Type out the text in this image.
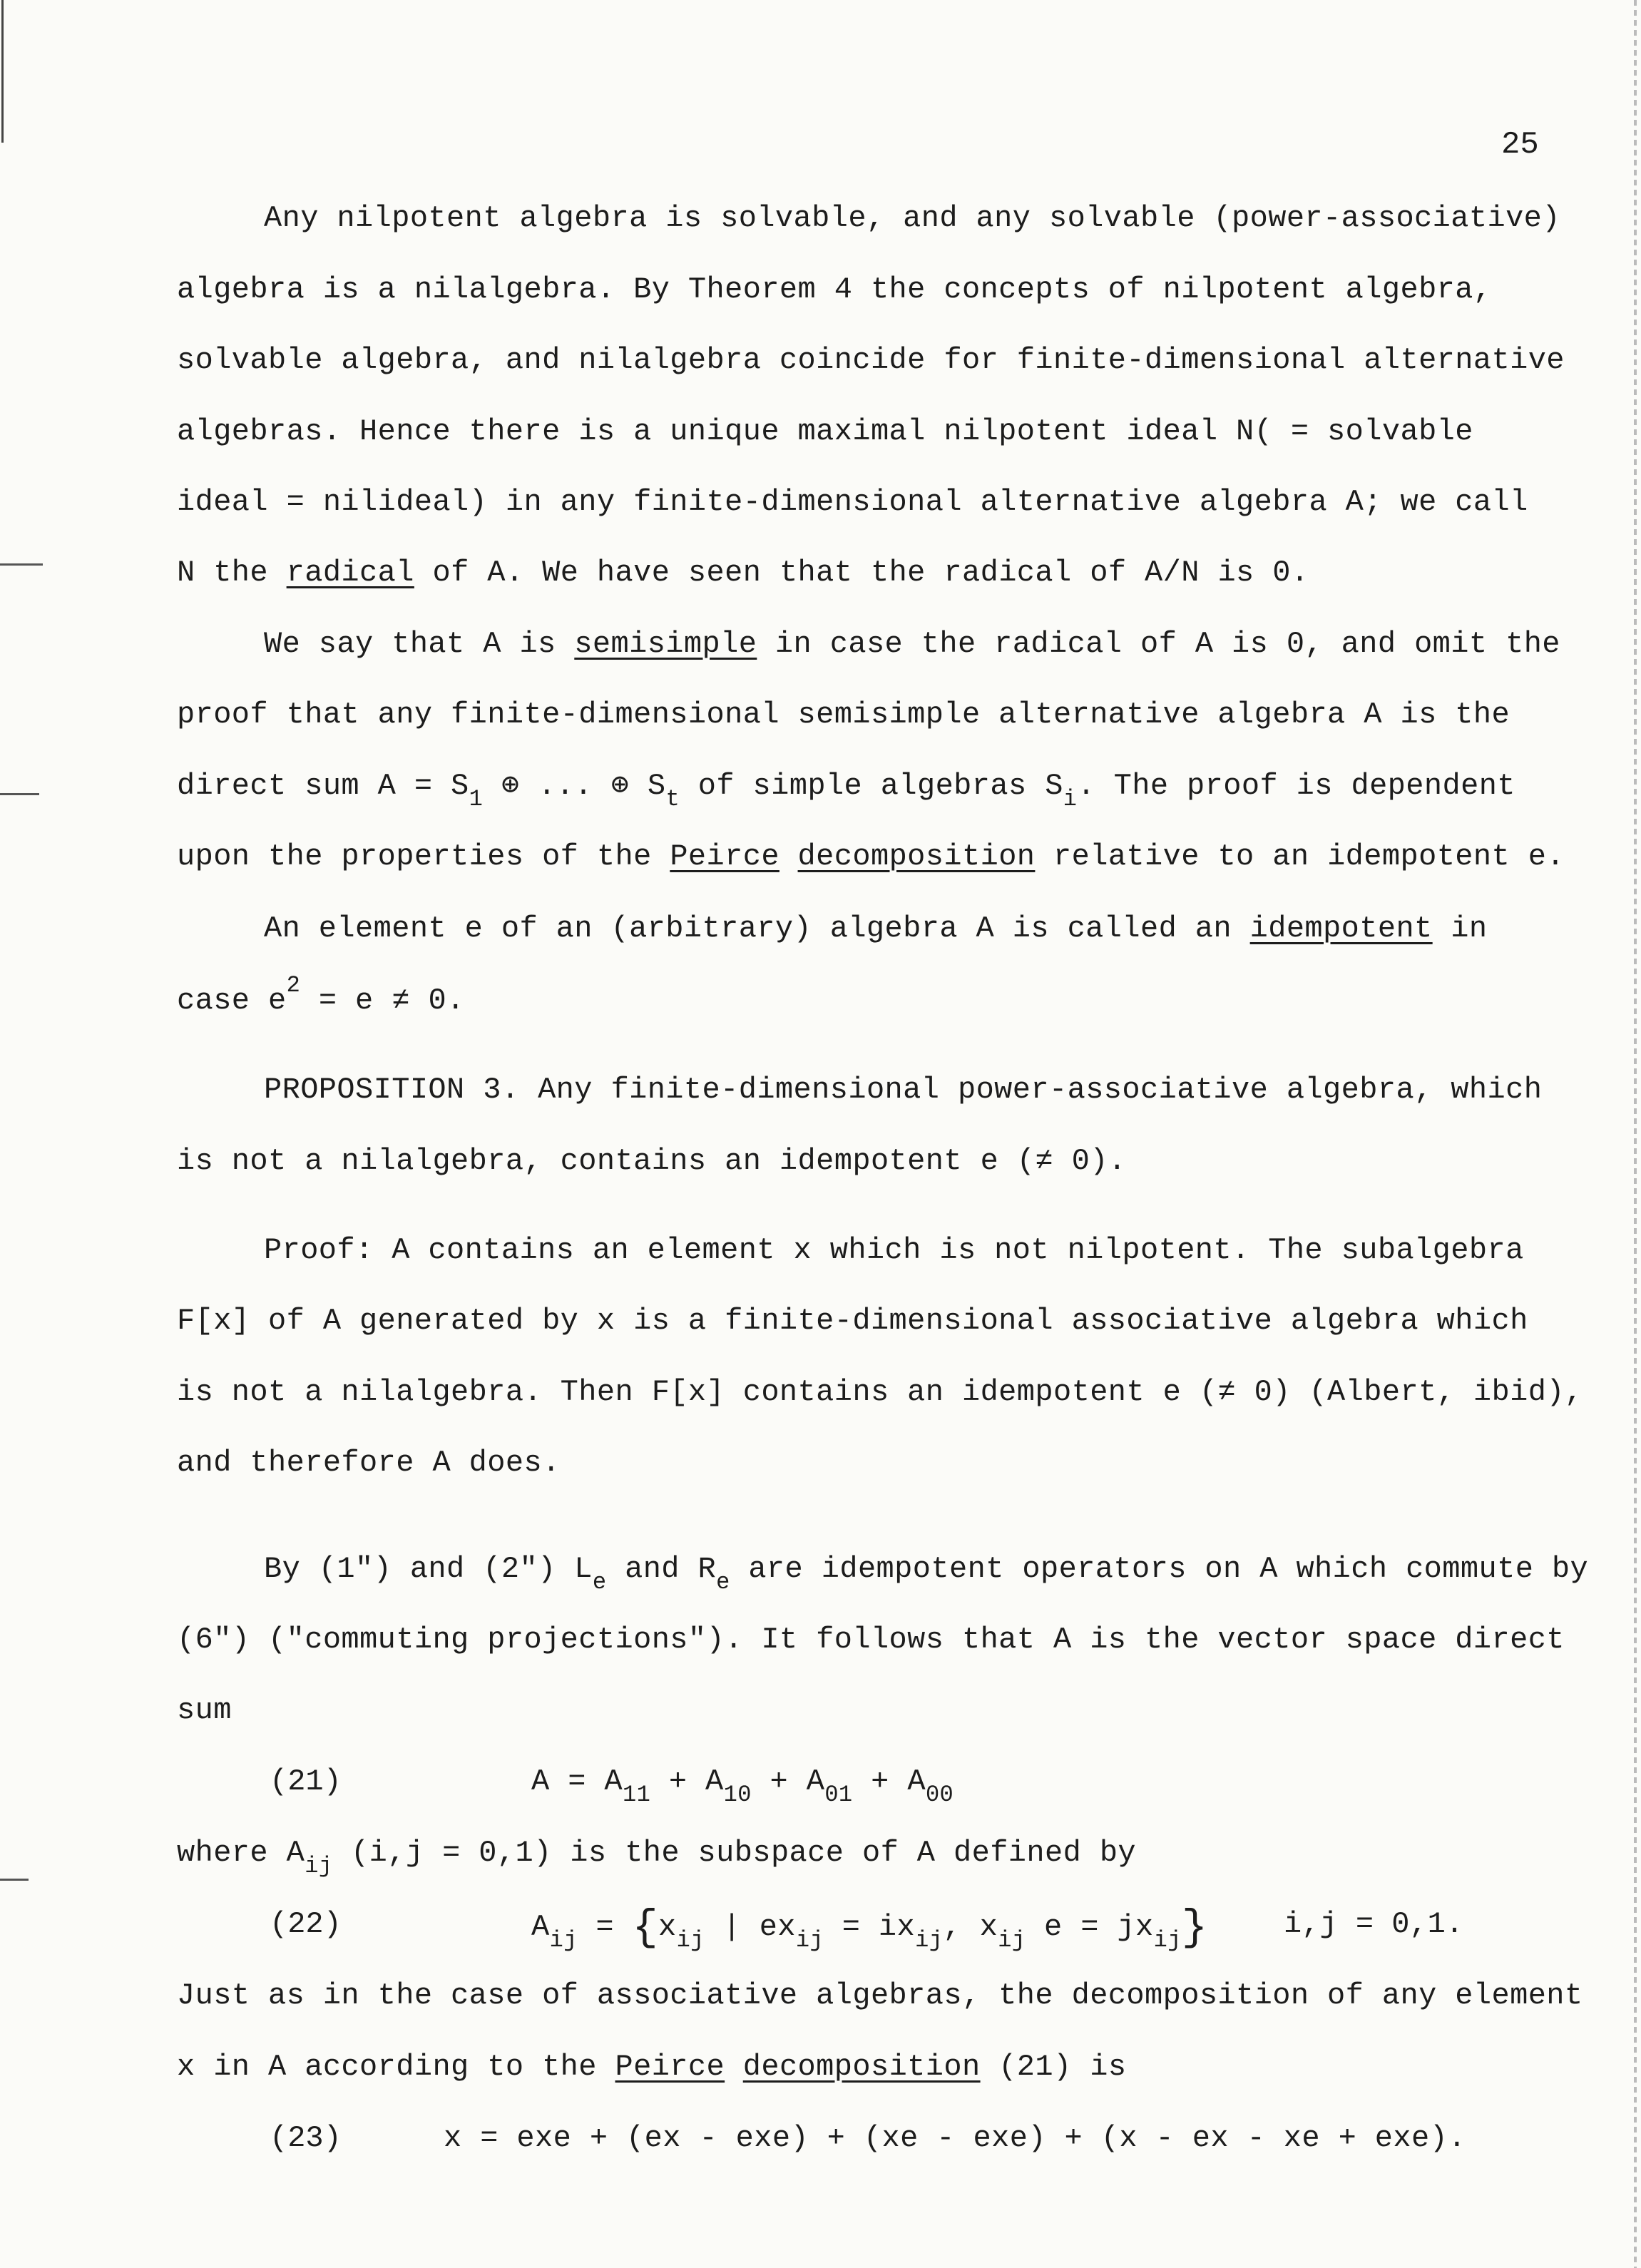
25
Any nilpotent algebra is solvable, and any solvable (power-associative)
algebra is a nilalgebra. By Theorem 4 the concepts of nilpotent algebra,
solvable algebra, and nilalgebra coincide for finite-dimensional alternative
algebras. Hence there is a unique maximal nilpotent ideal N( = solvable
ideal = nilideal) in any finite-dimensional alternative algebra A; we call
N the radical of A. We have seen that the radical of A/N is 0.
We say that A is semisimple in case the radical of A is 0, and omit the
proof that any finite-dimensional semisimple alternative algebra A is the
direct sum $A = S_1$ ⊕ ... ⊕ $S_t$ of simple algebras $S_i$. The proof is dependent
upon the properties of the Peirce decomposition relative to an idempotent e.
An element e of an (arbitrary) algebra A is called an idempotent in
case $e^2 = e \ne 0$.
PROPOSITION 3. Any finite-dimensional power-associative algebra, which
is not a nilalgebra, contains an idempotent e (≠ 0).
Proof: A contains an element x which is not nilpotent. The subalgebra
F[x] of A generated by x is a finite-dimensional associative algebra which
is not a nilalgebra. Then F[x] contains an idempotent e (≠ 0) (Albert, ibid),
and therefore A does.
By (1") and (2") $L_e$ and $R_e$ are idempotent operators on A which commute by
(6") ("commuting projections"). It follows that A is the vector space direct
sum
(21)	$A = A_{11} + A_{10} + A_{01} + A_{00}$
where $A_{ij}$ (i,j = 0,1) is the subspace of A defined by
(22)	$A_{ij} = \{x_{ij}$ | $ex_{ij} = ix_{ij}$, $x_{ij}$ $e = jx_{ij}$}	i,j = 0,1.
Just as in the case of associative algebras, the decomposition of any element
x in A according to the Peirce decomposition (21) is
(23)	x = exe + (ex - exe) + (xe - exe) + (x - ex - xe + exe).
